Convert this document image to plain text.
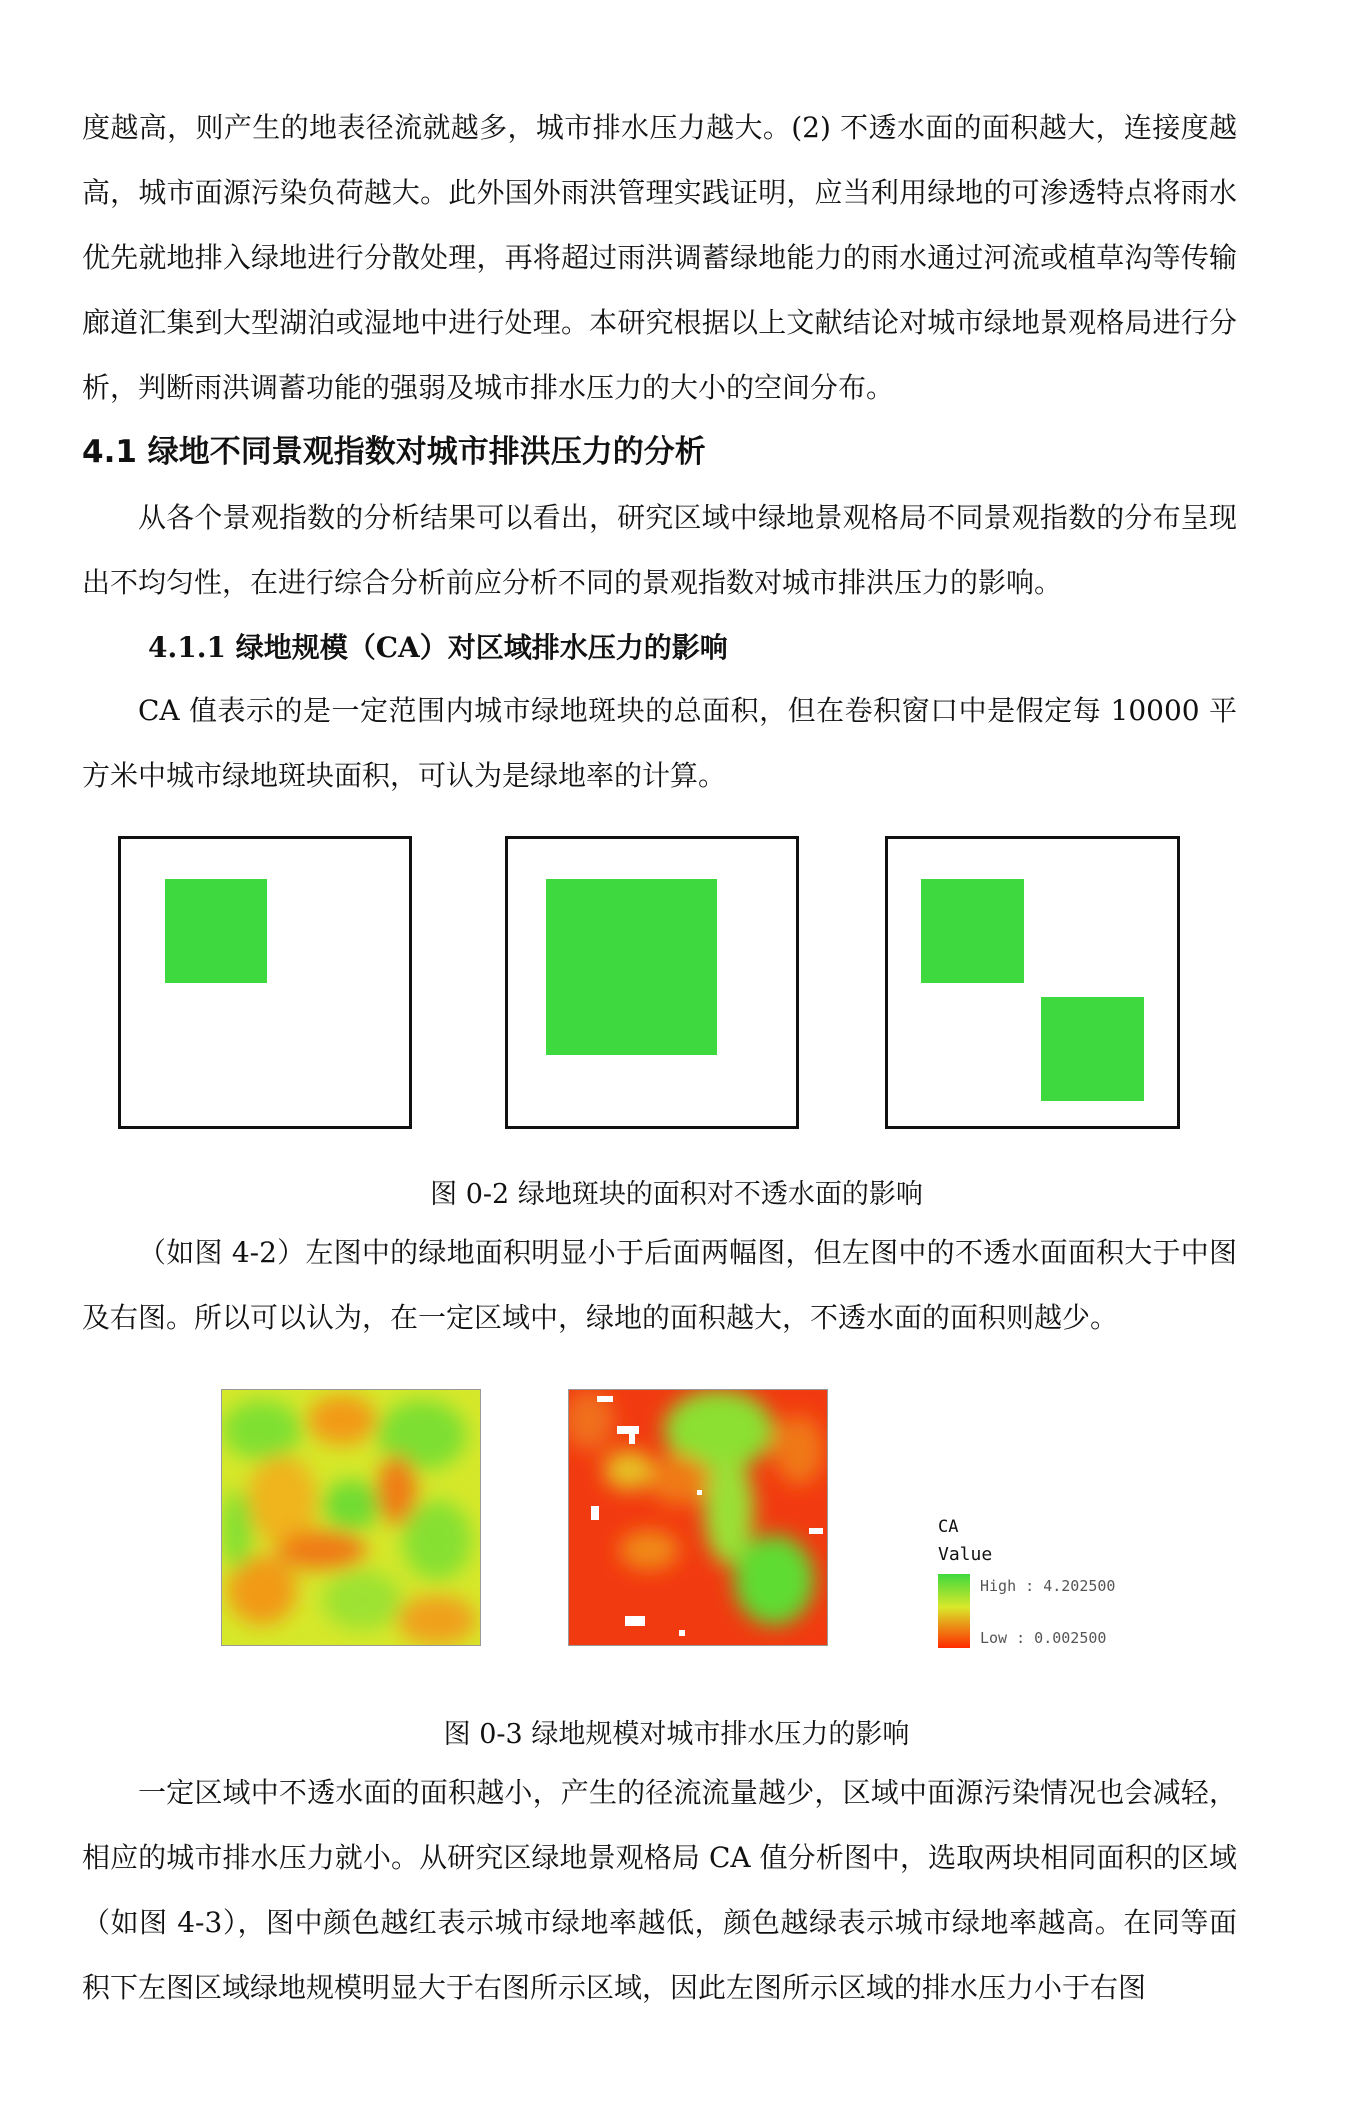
度越高，则产生的地表径流就越多，城市排水压力越大。(2) 不透水面的面积越大，连接度越高，城市面源污染负荷越大。此外国外雨洪管理实践证明，应当利用绿地的可渗透特点将雨水优先就地排入绿地进行分散处理，再将超过雨洪调蓄绿地能力的雨水通过河流或植草沟等传输廊道汇集到大型湖泊或湿地中进行处理。本研究根据以上文献结论对城市绿地景观格局进行分析，判断雨洪调蓄功能的强弱及城市排水压力的大小的空间分布。

4.1 绿地不同景观指数对城市排洪压力的分析

从各个景观指数的分析结果可以看出，研究区域中绿地景观格局不同景观指数的分布呈现出不均匀性，在进行综合分析前应分析不同的景观指数对城市排洪压力的影响。

4.1.1 绿地规模（CA）对区域排水压力的影响

CA 值表示的是一定范围内城市绿地斑块的总面积，但在卷积窗口中是假定每 10000 平方米中城市绿地斑块面积，可认为是绿地率的计算。

图 0-2 绿地斑块的面积对不透水面的影响

（如图 4-2）左图中的绿地面积明显小于后面两幅图，但左图中的不透水面面积大于中图及右图。所以可以认为，在一定区域中，绿地的面积越大，不透水面的面积则越少。

CA
Value
High : 4.202500
Low : 0.002500

图 0-3 绿地规模对城市排水压力的影响

一定区域中不透水面的面积越小，产生的径流流量越少，区域中面源污染情况也会减轻，相应的城市排水压力就小。从研究区绿地景观格局 CA 值分析图中，选取两块相同面积的区域（如图 4-3），图中颜色越红表示城市绿地率越低，颜色越绿表示城市绿地率越高。在同等面积下左图区域绿地规模明显大于右图所示区域，因此左图所示区域的排水压力小于右图
